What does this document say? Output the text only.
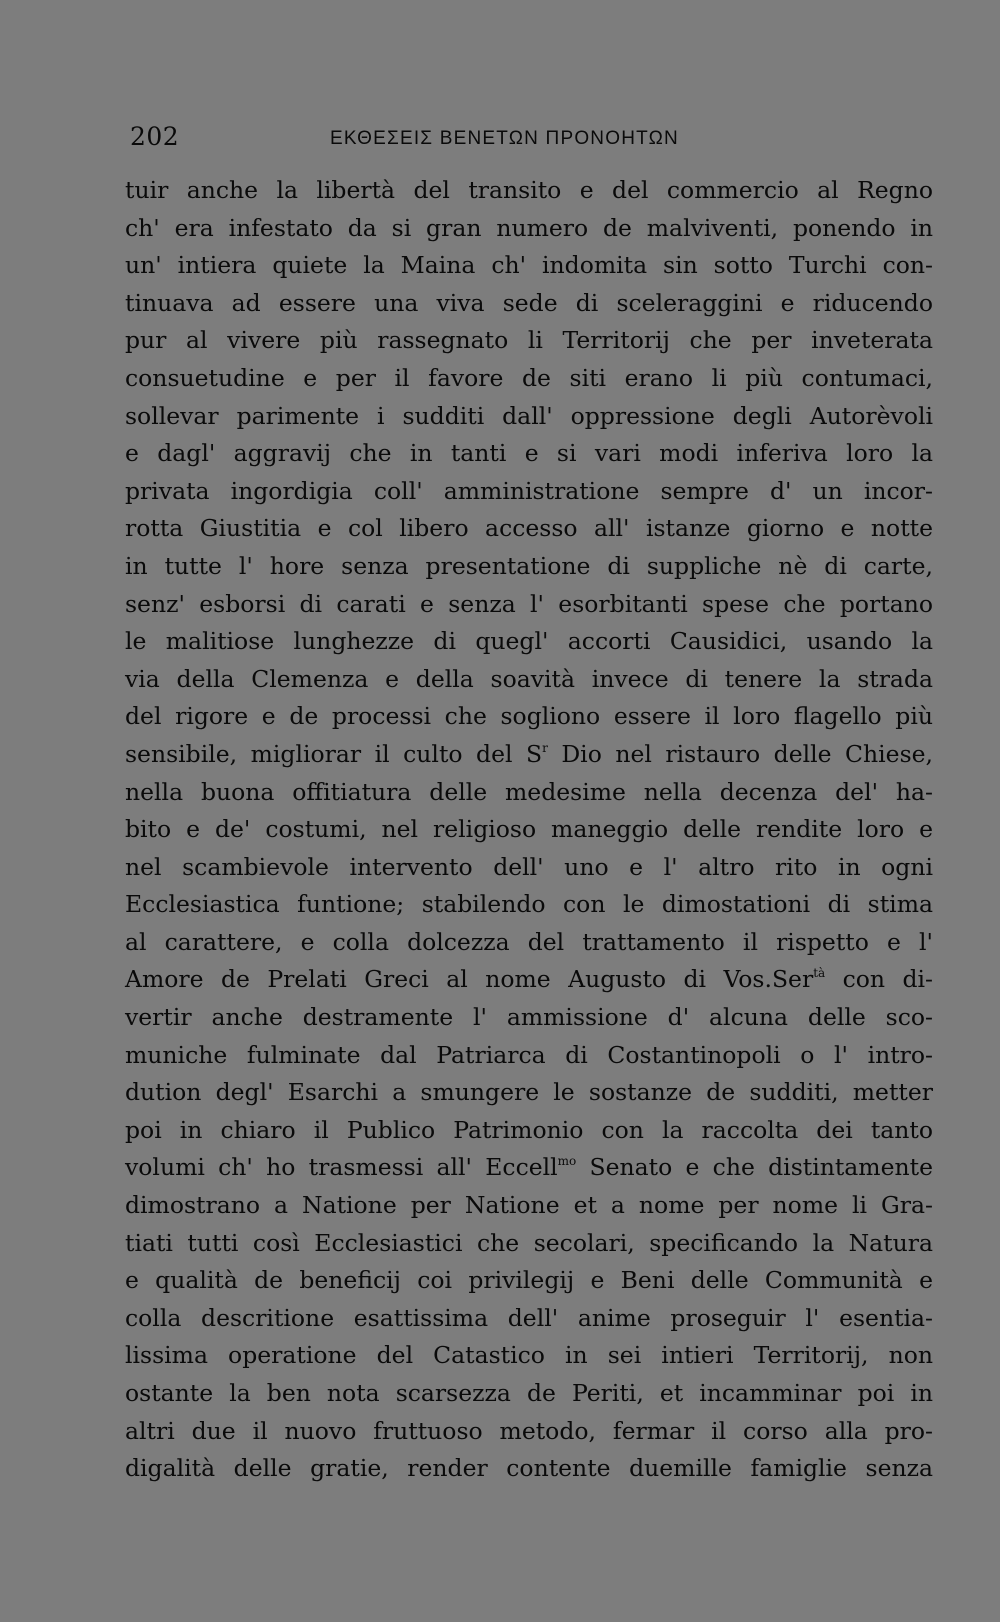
202	ΕΚΘΕΣΕΙΣ ΒΕΝΕΤΩΝ ΠΡΟΝΟΗΤΩΝ
tuir anche la libertà del transito e del commercio al Regno
ch' era infestato da si gran numero de malviventi, ponendo in
un' intiera quiete la Maina ch' indomita sin sotto Turchi con-
tinuava ad essere una viva sede di sceleraggini e riducendo
pur al vivere più rassegnato li Territorij che per inveterata
consuetudine e per il favore de siti erano li più contumaci,
sollevar parimente i sudditi dall' oppressione degli Autorèvoli
e dagl' aggravij che in tanti e si vari modi inferiva loro la
privata ingordigia coll' amministratione sempre d' un incor-
rotta Giustitia e col libero accesso all' istanze giorno e notte
in tutte l' hore senza presentatione di suppliche nè di carte,
senz' esborsi di carati e senza l' esorbitanti spese che portano
le malitiose lunghezze di quegl' accorti Causidici, usando la
via della Clemenza e della soavità invece di tenere la strada
del rigore e de processi che sogliono essere il loro flagello più
sensibile, migliorar il culto del $S^r$ Dio nel ristauro delle Chiese,
nella buona offitiatura delle medesime nella decenza del' ha-
bito e de' costumi, nel religioso maneggio delle rendite loro e
nel scambievole intervento dell' uno e l' altro rito in ogni
Ecclesiastica funtione; stabilendo con le dimostationi di stima
al carattere, e colla dolcezza del trattamento il rispetto e l'
Amore de Prelati Greci al nome Augusto di Vos.Ser$^{tà}$ con di-
vertir anche destramente l' ammissione d' alcuna delle sco-
muniche fulminate dal Patriarca di Costantinopoli o l' intro-
dution degl' Esarchi a smungere le sostanze de sudditi, metter
poi in chiaro il Publico Patrimonio con la raccolta dei tanto
volumi ch' ho trasmessi all' Eccell$^{mo}$ Senato e che distintamente
dimostrano a Natione per Natione et a nome per nome li Gra-
tiati tutti così Ecclesiastici che secolari, specificando la Natura
e qualità de beneficij coi privilegij e Beni delle Communità e
colla descritione esattissima dell' anime proseguir l' esentia-
lissima operatione del Catastico in sei intieri Territorij, non
ostante la ben nota scarsezza de Periti, et incamminar poi in
altri due il nuovo fruttuoso metodo, fermar il corso alla pro-
digalità delle gratie, render contente duemille famiglie senza
